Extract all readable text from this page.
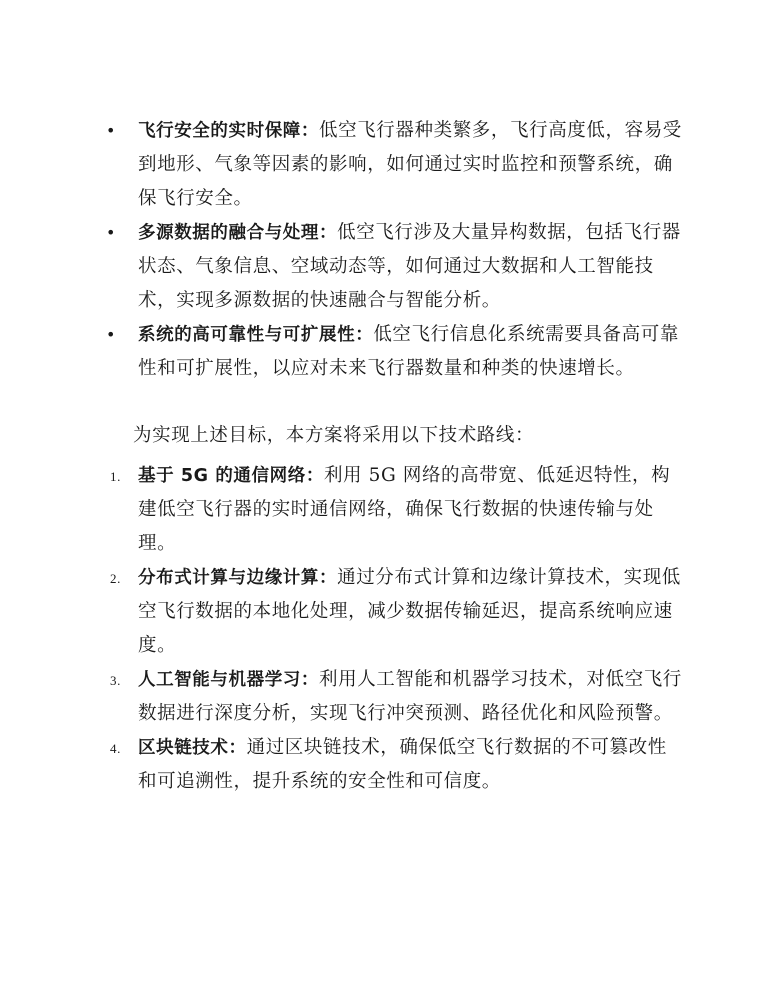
• 飞行安全的实时保障：低空飞行器种类繁多，飞行高度低，容易受到地形、气象等因素的影响，如何通过实时监控和预警系统，确保飞行安全。
• 多源数据的融合与处理：低空飞行涉及大量异构数据，包括飞行器状态、气象信息、空域动态等，如何通过大数据和人工智能技术，实现多源数据的快速融合与智能分析。
• 系统的高可靠性与可扩展性：低空飞行信息化系统需要具备高可靠性和可扩展性，以应对未来飞行器数量和种类的快速增长。
为实现上述目标，本方案将采用以下技术路线：
1. 基于 5G 的通信网络：利用 5G 网络的高带宽、低延迟特性，构建低空飞行器的实时通信网络，确保飞行数据的快速传输与处理。
2. 分布式计算与边缘计算：通过分布式计算和边缘计算技术，实现低空飞行数据的本地化处理，减少数据传输延迟，提高系统响应速度。
3. 人工智能与机器学习：利用人工智能和机器学习技术，对低空飞行数据进行深度分析，实现飞行冲突预测、路径优化和风险预警。
4. 区块链技术：通过区块链技术，确保低空飞行数据的不可篡改性和可追溯性，提升系统的安全性和可信度。
